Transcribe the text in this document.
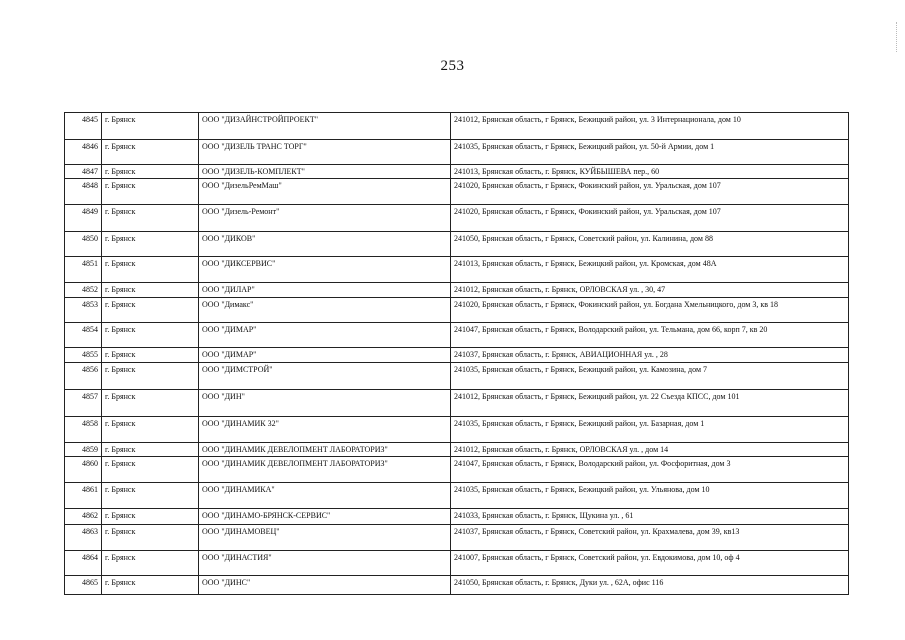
253
4845	г. Брянск	ООО "ДИЗАЙНСТРОЙПРОЕКТ"	241012, Брянская область, г Брянск, Бежицкий район, ул. 3 Интернационала, дом 10
4846	г. Брянск	ООО "ДИЗЕЛЬ ТРАНС ТОРГ"	241035, Брянская область, г Брянск, Бежицкий район, ул. 50-й Армии, дом 1
4847	г. Брянск	ООО "ДИЗЕЛЬ-КОМПЛЕКТ"	241013, Брянская область, г. Брянск, КУЙБЫШЕВА пер., 60
4848	г. Брянск	ООО "ДизельРемМаш"	241020, Брянская область, г Брянск, Фокинский район, ул. Уральская, дом 107
4849	г. Брянск	ООО "Дизель-Ремонт"	241020, Брянская область, г Брянск, Фокинский район, ул. Уральская, дом 107
4850	г. Брянск	ООО "ДИКОВ"	241050, Брянская область, г Брянск, Советский район, ул. Калинина, дом 88
4851	г. Брянск	ООО "ДИКСЕРВИС"	241013, Брянская область, г Брянск, Бежицкий район, ул. Кромская, дом 48А
4852	г. Брянск	ООО "ДИЛАР"	241012, Брянская область, г. Брянск, ОРЛОВСКАЯ ул. , 30, 47
4853	г. Брянск	ООО "Димакс"	241020, Брянская область, г Брянск, Фокинский район, ул. Богдана Хмельницкого, дом 3, кв 18
4854	г. Брянск	ООО "ДИМАР"	241047, Брянская область, г Брянск, Володарский район, ул. Тельмана, дом 66, корп 7, кв 20
4855	г. Брянск	ООО "ДИМАР"	241037, Брянская область, г. Брянск, АВИАЦИОННАЯ ул. , 28
4856	г. Брянск	ООО "ДИМСТРОЙ"	241035, Брянская область, г Брянск, Бежицкий район, ул. Камозина, дом 7
4857	г. Брянск	ООО "ДИН"	241012, Брянская область, г Брянск, Бежицкий район, ул. 22 Съезда КПСС, дом 101
4858	г. Брянск	ООО "ДИНАМИК 32"	241035, Брянская область, г Брянск, Бежицкий район, ул. Базарная, дом 1
4859	г. Брянск	ООО "ДИНАМИК ДЕВЕЛОПМЕНТ ЛАБОРАТОРИЗ"	241012, Брянская область, г. Брянск, ОРЛОВСКАЯ ул. , дом 14
4860	г. Брянск	ООО "ДИНАМИК ДЕВЕЛОПМЕНТ ЛАБОРАТОРИЗ"	241047, Брянская область, г Брянск, Володарский район, ул. Фосфоритная, дом 3
4861	г. Брянск	ООО "ДИНАМИКА"	241035, Брянская область, г Брянск, Бежицкий район, ул. Ульянова, дом 10
4862	г. Брянск	ООО "ДИНАМО-БРЯНСК-СЕРВИС"	241033, Брянская область, г. Брянск, Щукина ул. , 61
4863	г. Брянск	ООО "ДИНАМОВЕЦ"	241037, Брянская область, г Брянск, Советский район, ул. Крахмалева, дом 39, кв13
4864	г. Брянск	ООО "ДИНАСТИЯ"	241007, Брянская область, г Брянск, Советский район, ул. Евдокимова, дом 10, оф 4
4865	г. Брянск	ООО "ДИНС"	241050, Брянская область, г. Брянск, Дуки ул. , 62А, офис 116
